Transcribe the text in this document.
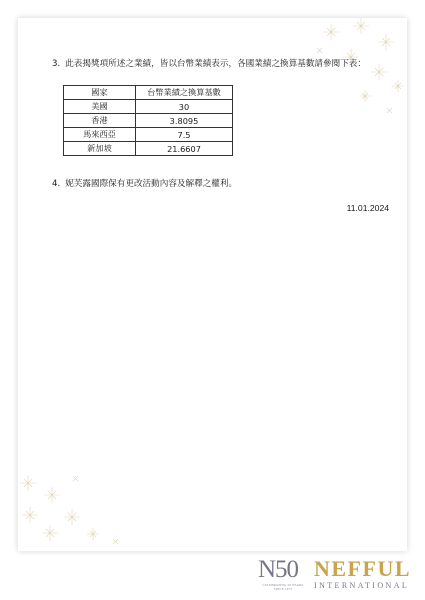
3. 此表揭獎項所述之業績，皆以台幣業績表示，各國業績之換算基數請參閱下表：
國家	台幣業績之換算基數
美國	30
香港	3.8095
馬來西亞	7.5
新加坡	21.6607
4. 妮芙露國際保有更改活動內容及解釋之權利。
11.01.2024
N50
CELEBRATING 50 YEARS
SINCE 1975
NEFFUL
INTERNATIONAL
